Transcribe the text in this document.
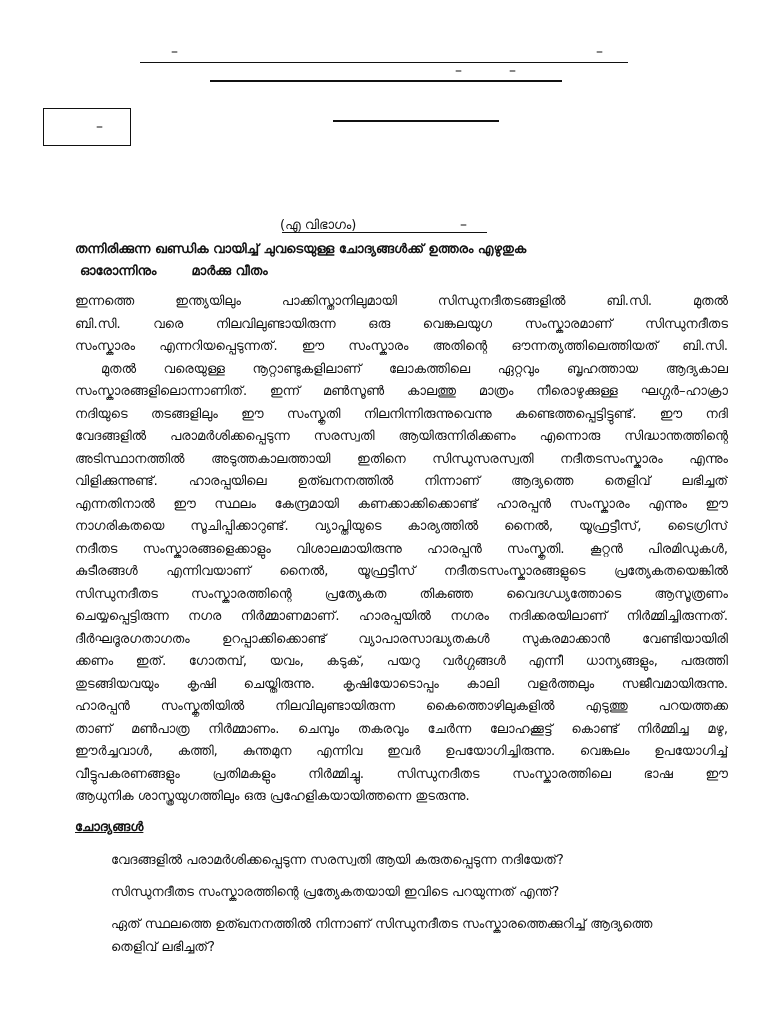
–	–
–	–
–
(എ വിഭാഗം)	–
തന്നിരിക്കുന്ന ഖണ്ഡിക വായിച്ച് ചുവടെയുള്ള ചോദ്യങ്ങൾക്ക് ഉത്തരം എഴുതുക
ഓരോന്നിനും	മാർക്കു വീതം
ഇന്നത്തെ ഇന്ത്യയിലും പാക്കിസ്താനിലുമായി സിന്ധുനദീതടങ്ങളിൽ ബി.സി. മുതൽ
ബി.സി. വരെ നിലവിലുണ്ടായിരുന്ന ഒരു വെങ്കലയുഗ സംസ്കാരമാണ് സിന്ധുനദീതട
സംസ്കാരം എന്നറിയപ്പെടുന്നത്. ഈ സംസ്കാരം അതിന്റെ ഔന്നത്യത്തിലെത്തിയത് ബി.സി.
മുതൽ വരെയുള്ള നൂറ്റാണ്ടുകളിലാണ് ലോകത്തിലെ ഏറ്റവും ബൃഹത്തായ ആദ്യകാല
സംസ്കാരങ്ങളിലൊന്നാണിത്. ഇന്ന് മൺസൂൺ കാലത്തു മാത്രം നീരൊഴുക്കുള്ള ഘഗ്ഗർ–ഹാക്രാ
നദിയുടെ തടങ്ങളിലും ഈ സംസ്കൃതി നിലനിന്നിരുന്നുവെന്നു കണ്ടെത്തപ്പെട്ടിട്ടുണ്ട്. ഈ നദി
വേദങ്ങളിൽ പരാമർശിക്കപ്പെടുന്ന സരസ്വതി ആയിരുന്നിരിക്കണം എന്നൊരു സിദ്ധാന്തത്തിന്റെ
അടിസ്ഥാനത്തിൽ അടുത്തകാലത്തായി ഇതിനെ സിന്ധുസരസ്വതി നദീതടസംസ്കാരം എന്നും
വിളിക്കുന്നുണ്ട്. ഹാരപ്പയിലെ ഉത്ഖനനത്തിൽ നിന്നാണ് ആദ്യത്തെ തെളിവ് ലഭിച്ചത്
എന്നതിനാൽ ഈ സ്ഥലം കേന്ദ്രമായി കണക്കാക്കിക്കൊണ്ട് ഹാരപ്പൻ സംസ്കാരം എന്നും ഈ
നാഗരികതയെ സൂചിപ്പിക്കാറുണ്ട്. വ്യാപ്തിയുടെ കാര്യത്തിൽ നൈൽ, യൂഫ്രട്ടീസ്, ടൈഗ്രിസ്
നദീതട സംസ്കാരങ്ങളെക്കാളും വിശാലമായിരുന്നു ഹാരപ്പൻ സംസ്കൃതി. കൂറ്റൻ പിരമിഡുകൾ,
കുടീരങ്ങൾ എന്നിവയാണ് നൈൽ, യൂഫ്രട്ടീസ് നദീതടസംസ്കാരങ്ങളുടെ പ്രത്യേകതയെങ്കിൽ
സിന്ധുനദീതട സംസ്കാരത്തിന്റെ പ്രത്യേകത തികഞ്ഞ വൈദഗ്ധ്യത്തോടെ ആസൂത്രണം
ചെയ്യപ്പെട്ടിരുന്ന നഗര നിർമ്മാണമാണ്. ഹാരപ്പയിൽ നഗരം നദിക്കരയിലാണ് നിർമ്മിച്ചിരുന്നത്.
ദീർഘദൂരഗതാഗതം ഉറപ്പാക്കിക്കൊണ്ട് വ്യാപാരസാദ്ധ്യതകൾ സുകരമാക്കാൻ വേണ്ടിയായിരി
ക്കണം ഇത്. ഗോതമ്പ്, യവം, കടുക്, പയറു വർഗ്ഗങ്ങൾ എന്നീ ധാന്യങ്ങളും, പരുത്തി
തുടങ്ങിയവയും കൃഷി ചെയ്തിരുന്നു. കൃഷിയോടൊപ്പം കാലി വളർത്തലും സജീവമായിരുന്നു.
ഹാരപ്പൻ സംസ്കൃതിയിൽ നിലവിലുണ്ടായിരുന്ന കൈത്തൊഴിലുകളിൽ എടുത്തു പറയത്തക്ക
താണ് മൺപാത്ര നിർമ്മാണം. ചെമ്പും തകരവും ചേർന്ന ലോഹക്കൂട്ട് കൊണ്ട് നിർമ്മിച്ച മഴു,
ഈർച്ചവാൾ, കത്തി, കുന്തമുന എന്നിവ ഇവർ ഉപയോഗിച്ചിരുന്നു. വെങ്കലം ഉപയോഗിച്ച്
വീട്ടുപകരണങ്ങളും പ്രതിമകളും നിർമ്മിച്ചു. സിന്ധുനദീതട സംസ്കാരത്തിലെ ഭാഷ ഈ
ആധുനിക ശാസ്ത്രയുഗത്തിലും ഒരു പ്രഹേളികയായിത്തന്നെ തുടരുന്നു.
ചോദ്യങ്ങൾ
വേദങ്ങളിൽ പരാമർശിക്കപ്പെടുന്ന സരസ്വതി ആയി കരുതപ്പെടുന്ന നദിയേത്?
സിന്ധുനദീതട സംസ്കാരത്തിന്റെ പ്രത്യേകതയായി ഇവിടെ പറയുന്നത് എന്ത്?
ഏത് സ്ഥലത്തെ ഉത്ഖനനത്തിൽ നിന്നാണ് സിന്ധുനദീതട സംസ്കാരത്തെക്കുറിച്ച് ആദ്യത്തെ തെളിവ് ലഭിച്ചത്?
